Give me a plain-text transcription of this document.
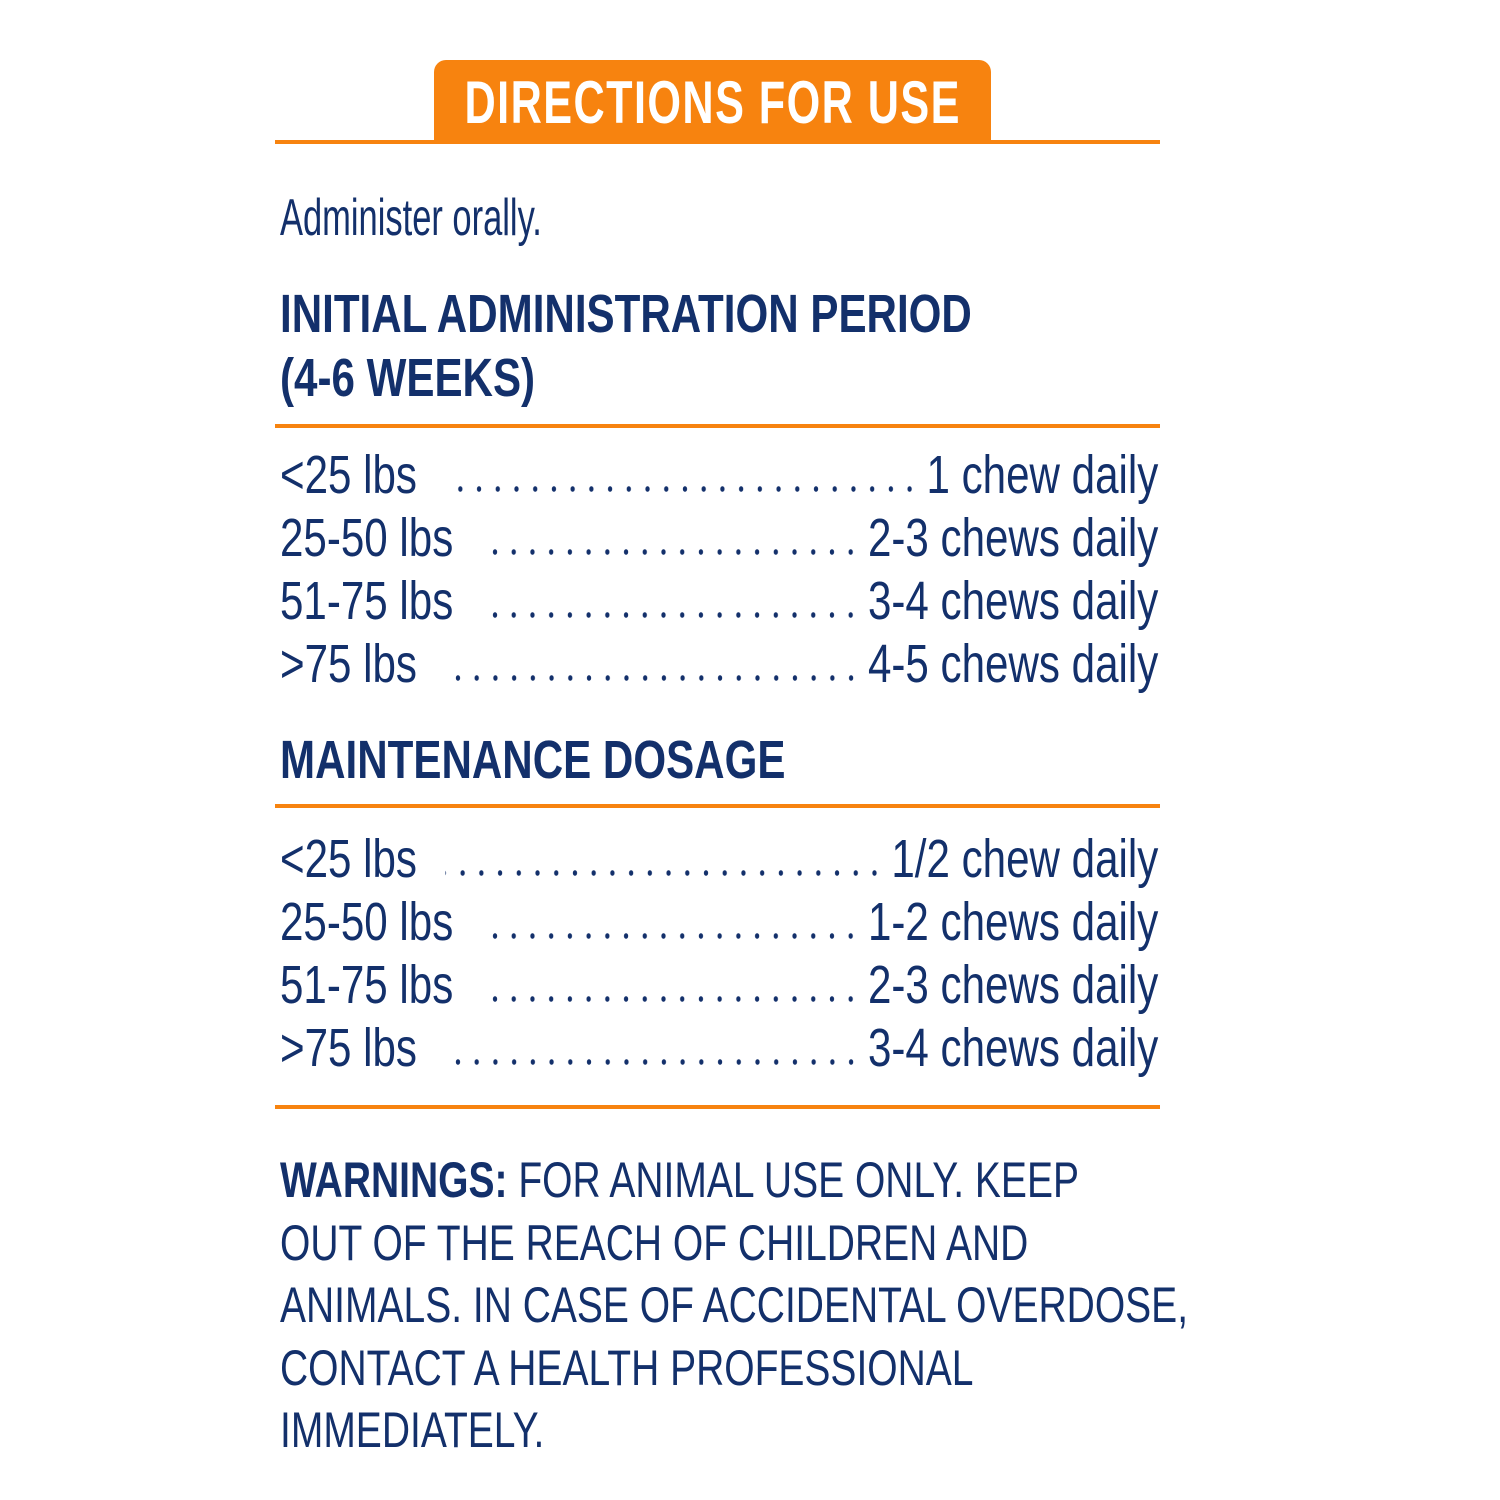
DIRECTIONS FOR USE
Administer orally.
INITIAL ADMINISTRATION PERIOD
(4-6 WEEKS)
<25 lbs	1 chew daily
25-50 lbs	2-3 chews daily
51-75 lbs	3-4 chews daily
>75 lbs	4-5 chews daily
MAINTENANCE DOSAGE
<25 lbs	1/2 chew daily
25-50 lbs	1-2 chews daily
51-75 lbs	2-3 chews daily
>75 lbs	3-4 chews daily
WARNINGS: FOR ANIMAL USE ONLY. KEEP
OUT OF THE REACH OF CHILDREN AND
ANIMALS. IN CASE OF ACCIDENTAL OVERDOSE,
CONTACT A HEALTH PROFESSIONAL
IMMEDIATELY.
